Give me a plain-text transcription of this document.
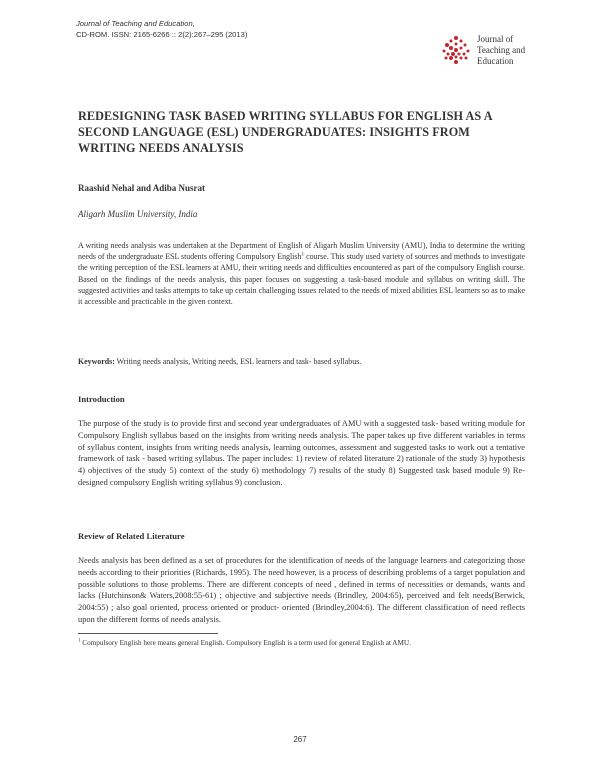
Journal of Teaching and Education,
CD-ROM. ISSN: 2165-6266 :: 2(2):267–295 (2013)	Journal of
Teaching and
Education
REDESIGNING TASK BASED WRITING SYLLABUS FOR ENGLISH AS A SECOND LANGUAGE (ESL) UNDERGRADUATES: INSIGHTS FROM WRITING NEEDS ANALYSIS
Raashid Nehal and Adiba Nusrat
Aligarh Muslim University, India
A writing needs analysis was undertaken at the Department of English of Aligarh Muslim University (AMU), India to determine the writing needs of the undergraduate ESL students offering Compulsory English$^1$ course. This study used variety of sources and methods to investigate the writing perception of the ESL learners at AMU, their writing needs and difficulties encountered as part of the compulsory English course. Based on the findings of the needs analysis, this paper focuses on suggesting a task-based module and syllabus on writing skill. The suggested activities and tasks attempts to take up certain challenging issues related to the needs of mixed abilities ESL learners so as to make it accessible and practicable in the given context.
Keywords: Writing needs analysis, Writing needs, ESL learners and task- based syllabus.
Introduction
The purpose of the study is to provide first and second year undergraduates of AMU with a suggested task- based writing module for Compulsory English syllabus based on the insights from writing needs analysis. The paper takes up five different variables in terms of syllabus content, insights from writing needs analysis, learning outcomes, assessment and suggested tasks to work out a tentative framework of task - based writing syllabus. The paper includes: 1) review of related literature 2) rationale of the study 3) hypothesis 4) objectives of the study 5) context of the study 6) methodology 7) results of the study 8) Suggested task based module 9) Re-designed compulsory English writing syllabus 9) conclusion.
Review of Related Literature
Needs analysis has been defined as a set of procedures for the identification of needs of the language learners and categorizing those needs according to their priorities (Richards, 1995). The need however, is a process of describing problems of a target population and possible solutions to those problems. There are different concepts of need , defined in terms of necessities or demands, wants and lacks (Hutchinson& Waters,2008:55-61) ; objective and subjective needs (Brindley, 2004:65), perceived and felt needs(Berwick, 2004:55) ; also goal oriented, process oriented or product- oriented (Brindley,2004:6). The different classification of need reflects upon the different forms of needs analysis.
$^1$ Compulsory English here means general English. Compulsory English is a term used for general English at AMU.
267
